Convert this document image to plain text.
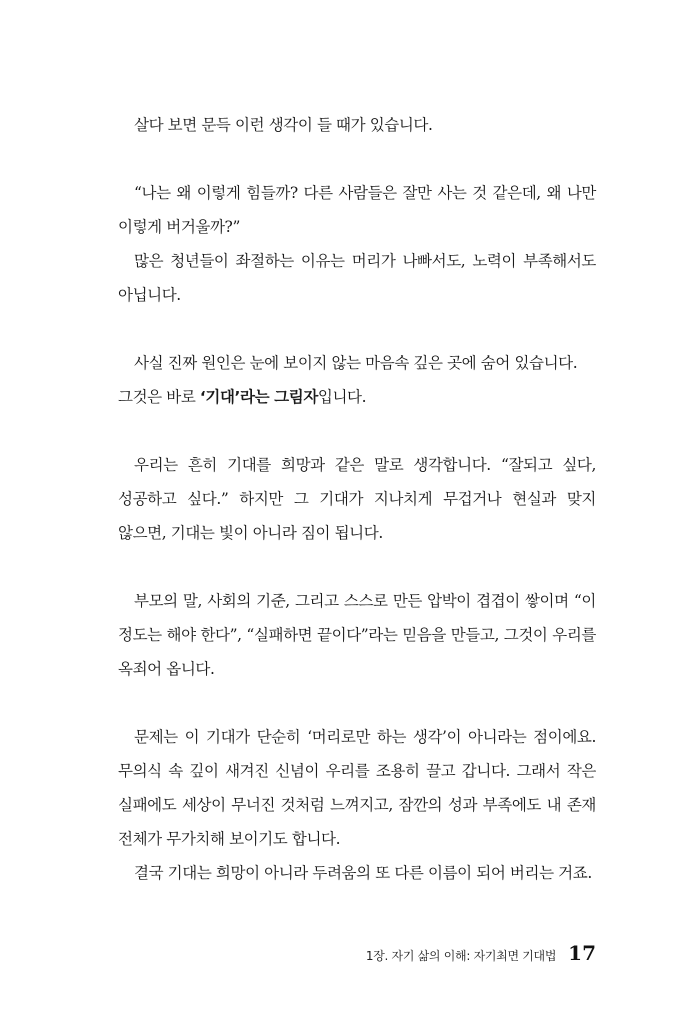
살다 보면 문득 이런 생각이 들 때가 있습니다.

“나는 왜 이렇게 힘들까? 다른 사람들은 잘만 사는 것 같은데, 왜 나만 이렇게 버거울까?”

많은 청년들이 좌절하는 이유는 머리가 나빠서도, 노력이 부족해서도 아닙니다.

사실 진짜 원인은 눈에 보이지 않는 마음속 깊은 곳에 숨어 있습니다.

그것은 바로 ‘기대’라는 그림자입니다.

우리는 흔히 기대를 희망과 같은 말로 생각합니다. “잘되고 싶다, 성공하고 싶다.” 하지만 그 기대가 지나치게 무겁거나 현실과 맞지 않으면, 기대는 빛이 아니라 짐이 됩니다.

부모의 말, 사회의 기준, 그리고 스스로 만든 압박이 겹겹이 쌓이며 “이 정도는 해야 한다”, “실패하면 끝이다”라는 믿음을 만들고, 그것이 우리를 옥죄어 옵니다.

문제는 이 기대가 단순히 ‘머리로만 하는 생각’이 아니라는 점이에요. 무의식 속 깊이 새겨진 신념이 우리를 조용히 끌고 갑니다. 그래서 작은 실패에도 세상이 무너진 것처럼 느껴지고, 잠깐의 성과 부족에도 내 존재 전체가 무가치해 보이기도 합니다.

결국 기대는 희망이 아니라 두려움의 또 다른 이름이 되어 버리는 거죠.

1장. 자기 삶의 이해: 자기최면 기대법 17
